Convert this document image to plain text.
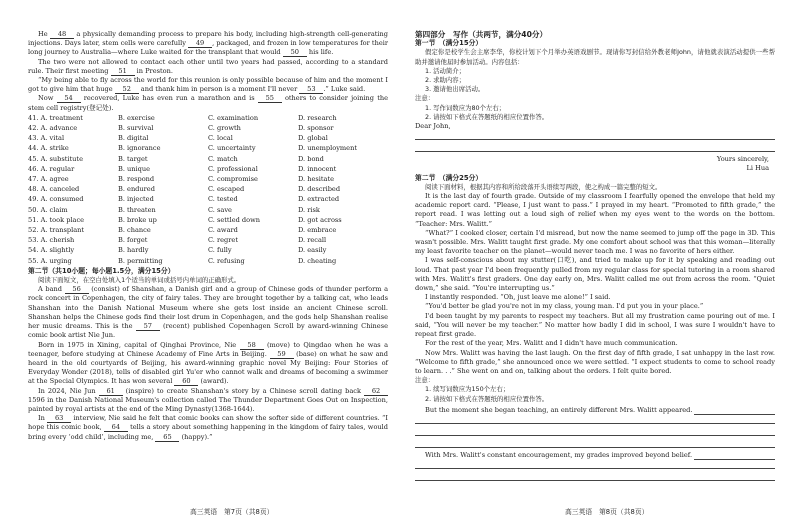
He 48 a physically demanding process to prepare his body, including high-strength cell-generating injections. Days later, stem cells were carefully 49 , packaged, and frozen in low temperatures for their long journey to Australia—where Luke waited for the transplant that would 50 his life.

The two were not allowed to contact each other until two years had passed, according to a standard rule. Their first meeting 51 in Preston.

“My being able to fly across the world for this reunion is only possible because of him and the moment I got to give him that huge 52 and thank him in person is a moment I'll never 53 .” Luke said.

Now 54 recovered, Luke has even run a marathon and is 55 others to consider joining the stem cell registry(登记处).

41. A. treatment	B. exercise	C. examination	D. research
42. A. advance	B. survival	C. growth	D. sponsor
43. A. vital	B. digital	C. local	D. global
44. A. strike	B. ignorance	C. uncertainty	D. unemployment
45. A. substitute	B. target	C. match	D. bond
46. A. regular	B. unique	C. professional	D. innocent
47. A. agree	B. respond	C. compromise	D. hesitate
48. A. canceled	B. endured	C. escaped	D. described
49. A. consumed	B. injected	C. tested	D. extracted
50. A. claim	B. threaten	C. save	D. risk
51. A. took place	B. broke up	C. settled down	D. got across
52. A. transplant	B. chance	C. award	D. embrace
53. A. cherish	B. forget	C. regret	D. recall
54. A. slightly	B. hardly	C. fully	D. easily
55. A. urging	B. permitting	C. refusing	D. cheating

第二节（共10小题；每小题1.5分，满分15分）

阅读下面短文，在空白处填入1个适当的单词或括号内单词的正确形式。

A band 56 (consist) of Shanshan, a Danish girl and a group of Chinese gods of thunder perform a rock concert in Copenhagen, the city of fairy tales. They are brought together by a talking cat, who leads Shanshan into the Danish National Museum where she gets lost inside an ancient Chinese scroll. Shanshan helps the Chinese gods find their lost drum in Copenhagen, and the gods help Shanshan realise her music dreams. This is the 57 (recent) published Copenhagen Scroll by award-winning Chinese comic book artist Nie Jun.

Born in 1975 in Xining, capital of Qinghai Province, Nie 58 (move) to Qingdao when he was a teenager, before studying at Chinese Academy of Fine Arts in Beijing. 59 (base) on what he saw and heard in the old courtyards of Beijing, his award-winning graphic novel My Beijing: Four Stories of Everyday Wonder (2018), tells of disabled girl Yu'er who cannot walk and dreams of becoming a swimmer at the Special Olympics. It has won several 60 (award).

In 2024, Nie Jun 61 (inspire) to create Shanshan's story by a Chinese scroll dating back 62 1596 in the Danish National Museum's collection called The Thunder Department Goes Out on Inspection, painted by royal artists at the end of the Ming Dynasty(1368-1644).

In 63 interview, Nie said he felt that comic books can show the softer side of different countries. “I hope this comic book, 64 tells a story about something happening in the kingdom of fairy tales, would bring every ‘odd child’, including me, 65 (happy).”

高三英语　第7页（共8页）

第四部分　写作（共两节，满分40分）

第一节　（满分15分）

假定你是校学生会主席李华，你校计划下个月举办英语戏剧节。现请你写封信给外教老师John，请他就表演活动提供一些帮助并邀请他届时参加活动。内容包括：

1. 活动简介；

2. 求助内容；

3. 邀请他出席活动。

注意：

1. 写作词数应为80个左右；

2. 请按如下格式在答题纸的相应位置作答。

Dear John,

Yours sincerely,

Li Hua

第二节　（满分25分）

阅读下面材料，根据其内容和所给段落开头语续写两段，使之构成一篇完整的短文。

It is the last day of fourth grade. Outside of my classroom I fearfully opened the envelope that held my academic report card. “Please, I just want to pass.” I prayed in my heart. “Promoted to fifth grade,” the report read. I was letting out a loud sigh of relief when my eyes went to the words on the bottom. “Teacher: Mrs. Walitt.”

“What?” I cooked closer, certain I'd misread, but now the name seemed to jump off the page in 3D. This wasn't possible. Mrs. Walitt taught first grade. My one comfort about school was that this woman—literally my least favorite teacher on the planet—would never teach me. I was no favorite of hers either.

I was self-conscious about my stutter(口吃), and tried to make up for it by speaking and reading out loud. That past year I'd been frequently pulled from my regular class for special tutoring in a room shared with Mrs. Walitt's first graders. One day early on, Mrs. Walitt called me out from across the room. “Quiet down,” she said. “You're interrupting us.”

I instantly responded. “Oh, just leave me alone!” I said.

“You'd better be glad you're not in my class, young man. I'd put you in your place.”

I'd been taught by my parents to respect my teachers. But all my frustration came pouring out of me. I said, “You will never be my teacher.” No matter how badly I did in school, I was sure I wouldn't have to repeat first grade.

For the rest of the year, Mrs. Walitt and I didn't have much communication.

Now Mrs. Walitt was having the last laugh. On the first day of fifth grade, I sat unhappy in the last row. “Welcome to fifth grade,” she announced once we were settled. “I expect students to come to school ready to learn. . .” She went on and on, talking about the orders. I felt quite bored.

注意：

1. 续写词数应为150个左右；

2. 请按如下格式在答题纸的相应位置作答。

But the moment she began teaching, an entirely different Mrs. Walitt appeared.
With Mrs. Walitt's constant encouragement, my grades improved beyond belief.
高三英语　第8页（共8页）
